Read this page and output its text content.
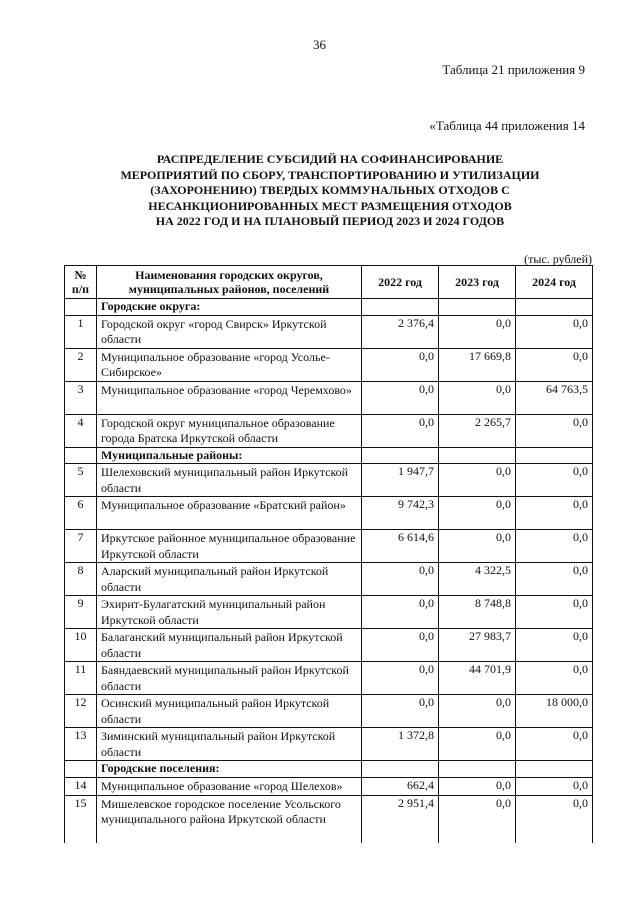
36
Таблица 21 приложения 9
«Таблица 44 приложения 14
РАСПРЕДЕЛЕНИЕ СУБСИДИЙ НА СОФИНАНСИРОВАНИЕ
МЕРОПРИЯТИЙ ПО СБОРУ, ТРАНСПОРТИРОВАНИЮ И УТИЛИЗАЦИИ
(ЗАХОРОНЕНИЮ) ТВЕРДЫХ КОММУНАЛЬНЫХ ОТХОДОВ С
НЕСАНКЦИОНИРОВАННЫХ МЕСТ РАЗМЕЩЕНИЯ ОТХОДОВ
НА 2022 ГОД И НА ПЛАНОВЫЙ ПЕРИОД 2023 И 2024 ГОДОВ
(тыс. рублей)
№ п/п	Наименования городских округов, муниципальных районов, поселений	2022 год	2023 год	2024 год
	Городские округа:			
1	Городской округ «город Свирск» Иркутской области	2 376,4	0,0	0,0
2	Муниципальное образование «город Усолье-Сибирское»	0,0	17 669,8	0,0
3	Муниципальное образование «город Черемхово»	0,0	0,0	64 763,5
4	Городской округ муниципальное образование города Братска Иркутской области	0,0	2 265,7	0,0
	Муниципальные районы:			
5	Шелеховский муниципальный район Иркутской области	1 947,7	0,0	0,0
6	Муниципальное образование «Братский район»	9 742,3	0,0	0,0
7	Иркутское районное муниципальное образование Иркутской области	6 614,6	0,0	0,0
8	Аларский муниципальный район Иркутской области	0,0	4 322,5	0,0
9	Эхирит-Булагатский муниципальный район Иркутской области	0,0	8 748,8	0,0
10	Балаганский муниципальный район Иркутской области	0,0	27 983,7	0,0
11	Баяндаевский муниципальный район Иркутской области	0,0	44 701,9	0,0
12	Осинский муниципальный район Иркутской области	0,0	0,0	18 000,0
13	Зиминский муниципальный район Иркутской области	1 372,8	0,0	0,0
	Городские поселения:			
14	Муниципальное образование «город Шелехов»	662,4	0,0	0,0
15	Мишелевское городское поселение Усольского муниципального района Иркутской области	2 951,4	0,0	0,0
